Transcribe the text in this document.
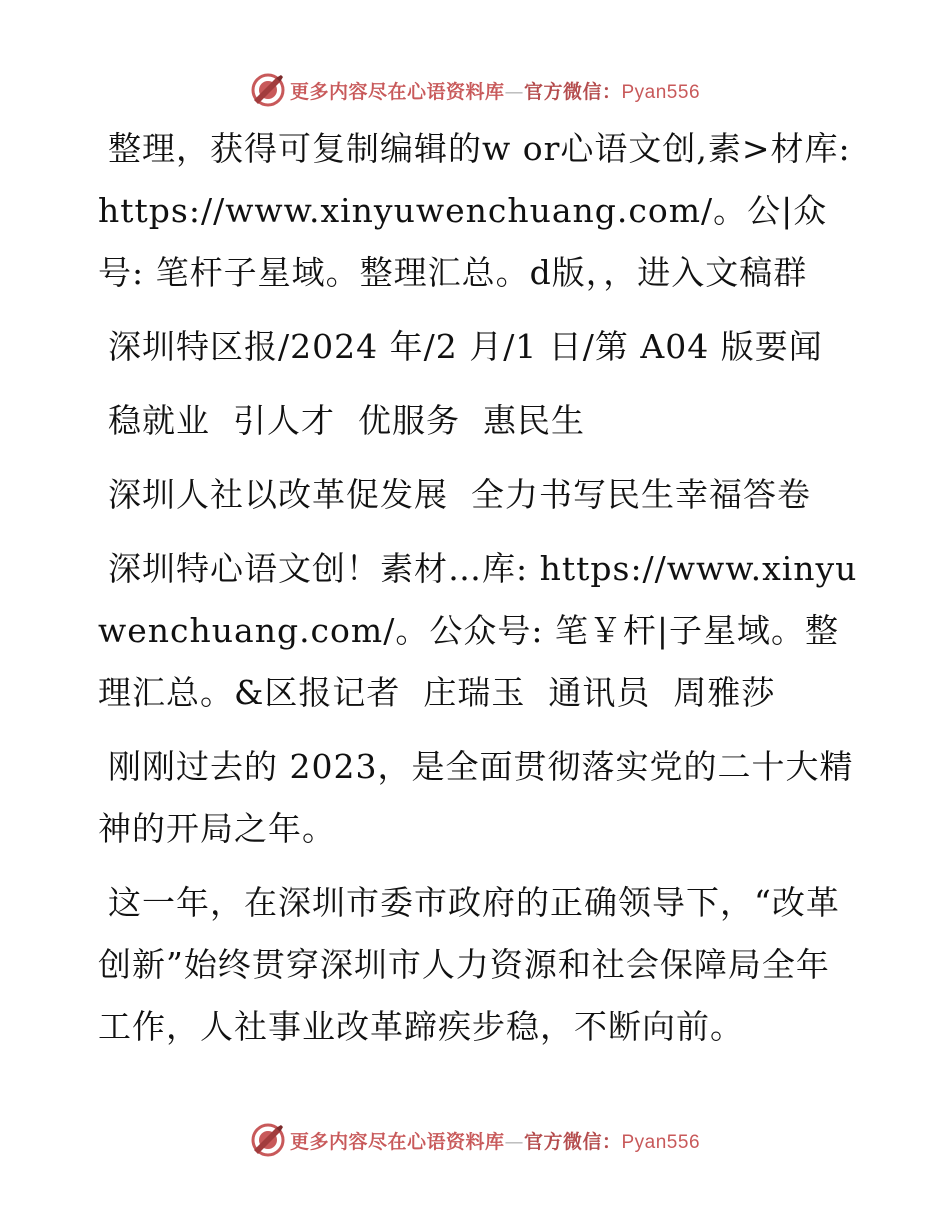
更多内容尽在心语资料库—官方微信：Pyan556

整理，获得可复制编辑的w or心语文创,素>材库: https://www.xinyuwenchuang.com/。公|众号: 笔杆子星域。整理汇总。d版，，进入文稿群

深圳特区报/2024 年/2 月/1 日/第 A04 版要闻

稳就业  引人才  优服务  惠民生

深圳人社以改革促发展  全力书写民生幸福答卷

深圳特心语文创！素材…库: https://www.xinyuwenchuang.com/。公众号: 笔￥杆|子星域。整理汇总。&区报记者  庄瑞玉  通讯员  周雅莎

刚刚过去的 2023，是全面贯彻落实党的二十大精神的开局之年。

这一年，在深圳市委市政府的正确领导下，“改革创新”始终贯穿深圳市人力资源和社会保障局全年工作，人社事业改革蹄疾步稳，不断向前。

更多内容尽在心语资料库—官方微信：Pyan556
